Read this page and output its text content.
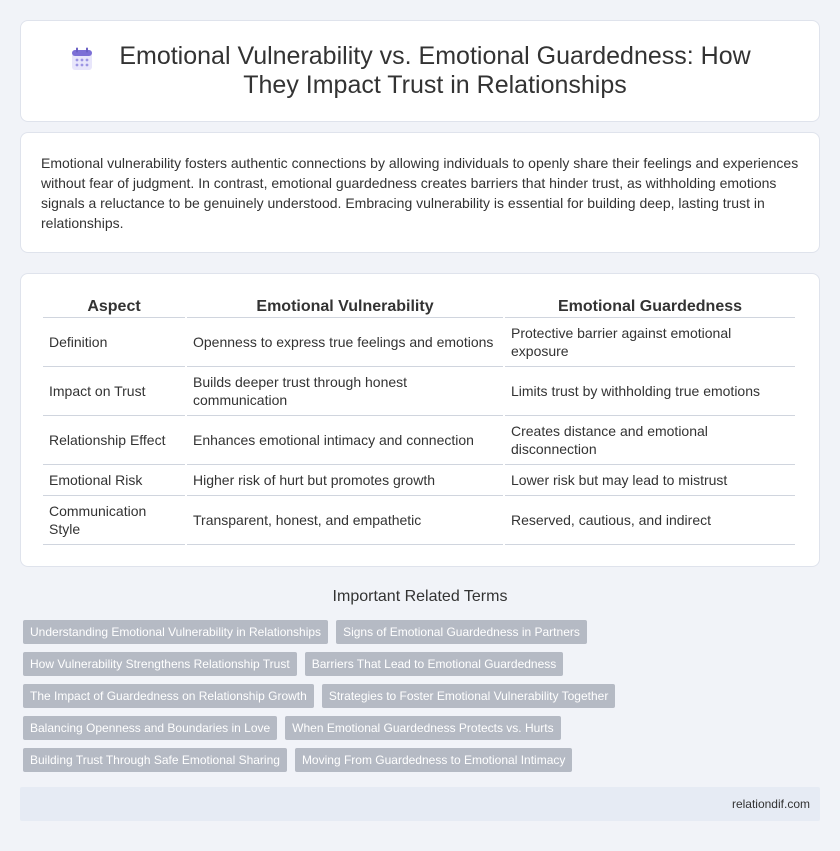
Emotional Vulnerability vs. Emotional Guardedness: How They Impact Trust in Relationships

Emotional vulnerability fosters authentic connections by allowing individuals to openly share their feelings and experiences without fear of judgment. In contrast, emotional guardedness creates barriers that hinder trust, as withholding emotions signals a reluctance to be genuinely understood. Embracing vulnerability is essential for building deep, lasting trust in relationships.

Aspect	Emotional Vulnerability	Emotional Guardedness
Definition	Openness to express true feelings and emotions	Protective barrier against emotional exposure
Impact on Trust	Builds deeper trust through honest communication	Limits trust by withholding true emotions
Relationship Effect	Enhances emotional intimacy and connection	Creates distance and emotional disconnection
Emotional Risk	Higher risk of hurt but promotes growth	Lower risk but may lead to mistrust
Communication Style	Transparent, honest, and empathetic	Reserved, cautious, and indirect
Important Related Terms
Understanding Emotional Vulnerability in Relationships	Signs of Emotional Guardedness in Partners
How Vulnerability Strengthens Relationship Trust	Barriers That Lead to Emotional Guardedness
The Impact of Guardedness on Relationship Growth	Strategies to Foster Emotional Vulnerability Together
Balancing Openness and Boundaries in Love	When Emotional Guardedness Protects vs. Hurts
Building Trust Through Safe Emotional Sharing	Moving From Guardedness to Emotional Intimacy
relationdif.com
